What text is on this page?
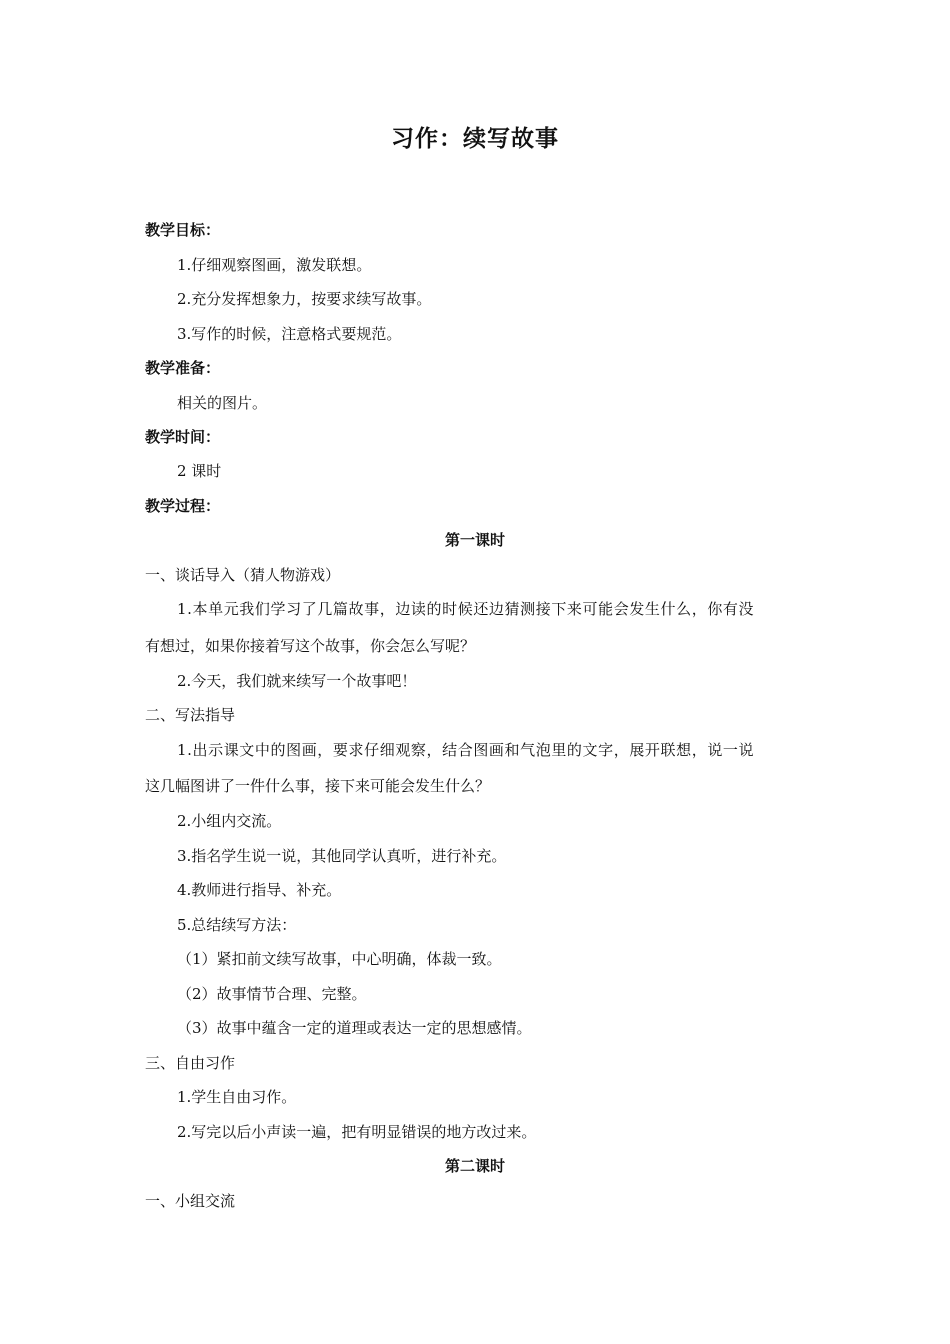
习作：续写故事
教学目标：
1.仔细观察图画，激发联想。
2.充分发挥想象力，按要求续写故事。
3.写作的时候，注意格式要规范。
教学准备：
相关的图片。
教学时间：
2 课时
教学过程：
第一课时
一、谈话导入（猜人物游戏）
1.本单元我们学习了几篇故事，边读的时候还边猜测接下来可能会发生什么，你有没
有想过，如果你接着写这个故事，你会怎么写呢？
2.今天，我们就来续写一个故事吧！
二、写法指导
1.出示课文中的图画，要求仔细观察，结合图画和气泡里的文字，展开联想，说一说
这几幅图讲了一件什么事，接下来可能会发生什么？
2.小组内交流。
3.指名学生说一说，其他同学认真听，进行补充。
4.教师进行指导、补充。
5.总结续写方法：
（1）紧扣前文续写故事，中心明确，体裁一致。
（2）故事情节合理、完整。
（3）故事中蕴含一定的道理或表达一定的思想感情。
三、自由习作
1.学生自由习作。
2.写完以后小声读一遍，把有明显错误的地方改过来。
第二课时
一、小组交流
